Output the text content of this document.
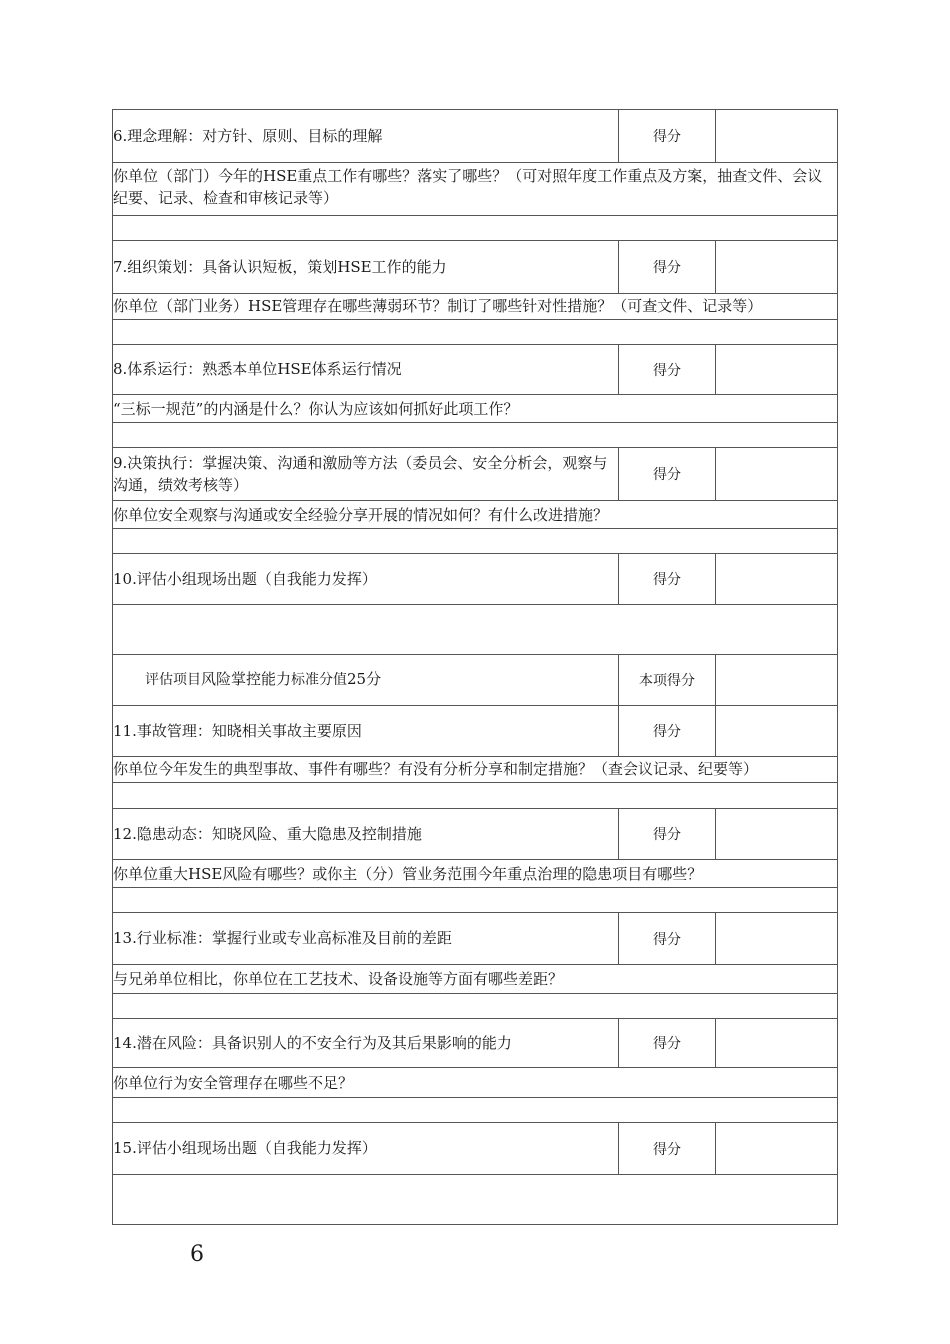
6.理念理解：对方针、原则、目标的理解	得分	

你单位（部门）今年的HSE重点工作有哪些？落实了哪些？（可对照年度工作重点及方案，抽查文件、会议纪要、记录、检查和审核记录等）		

7.组织策划：具备认识短板，策划HSE工作的能力	得分	

你单位（部门业务）HSE管理存在哪些薄弱环节？制订了哪些针对性措施？（可查文件、记录等）		

8.体系运行：熟悉本单位HSE体系运行情况	得分	

“三标一规范”的内涵是什么？你认为应该如何抓好此项工作？		

9.决策执行：掌握决策、沟通和激励等方法（委员会、安全分析会，观察与沟通，绩效考核等）	得分	

你单位安全观察与沟通或安全经验分享开展的情况如何？有什么改进措施？		

10.评估小组现场出题（自我能力发挥）	得分	

评估项目风险掌控能力标准分值25分	本项得分	
11.事故管理：知晓相关事故主要原因	得分	

你单位今年发生的典型事故、事件有哪些？有没有分析分享和制定措施？（查会议记录、纪要等）		

12.隐患动态：知晓风险、重大隐患及控制措施	得分	

你单位重大HSE风险有哪些？或你主（分）管业务范围今年重点治理的隐患项目有哪些？		

13.行业标准：掌握行业或专业高标准及目前的差距	得分	

与兄弟单位相比，你单位在工艺技术、设备设施等方面有哪些差距？		

14.潜在风险：具备识别人的不安全行为及其后果影响的能力	得分	

你单位行为安全管理存在哪些不足？		

15.评估小组现场出题（自我能力发挥）	得分	

6
